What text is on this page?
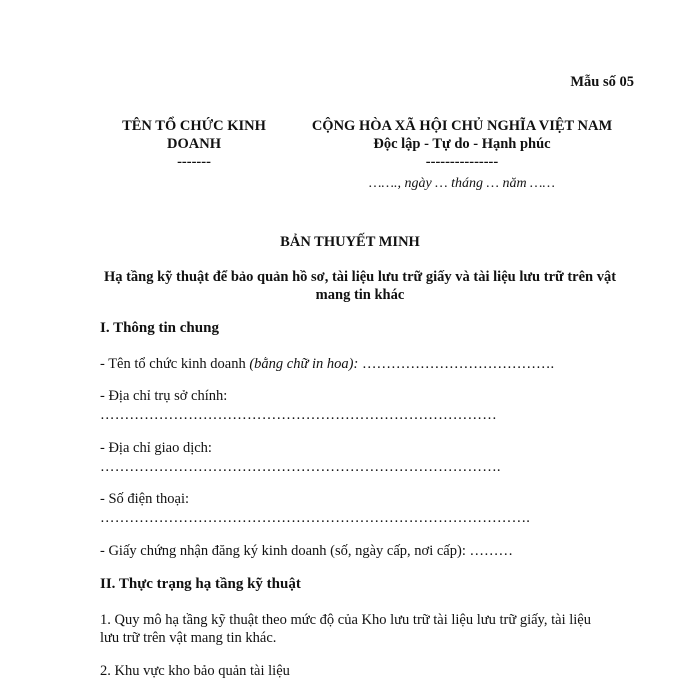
Mẫu số 05
TÊN TỔ CHỨC KINH
DOANH
-------
CỘNG HÒA XÃ HỘI CHỦ NGHĨA VIỆT NAM
Độc lập - Tự do - Hạnh phúc
---------------
……., ngày … tháng … năm ……
BẢN THUYẾT MINH
Hạ tầng kỹ thuật để bảo quản hồ sơ, tài liệu lưu trữ giấy và tài liệu lưu trữ trên vật mang tin khác
I. Thông tin chung
- Tên tổ chức kinh doanh (bằng chữ in hoa): ………………………………….
- Địa chỉ trụ sở chính:
………………………………………………………………………
- Địa chỉ giao dịch:
……………………………………………………………………….
- Số điện thoại:
…………………………………………………………………………….
- Giấy chứng nhận đăng ký kinh doanh (số, ngày cấp, nơi cấp): ………
II. Thực trạng hạ tầng kỹ thuật
1. Quy mô hạ tầng kỹ thuật theo mức độ của Kho lưu trữ tài liệu lưu trữ giấy, tài liệu
lưu trữ trên vật mang tin khác.
2. Khu vực kho bảo quản tài liệu
